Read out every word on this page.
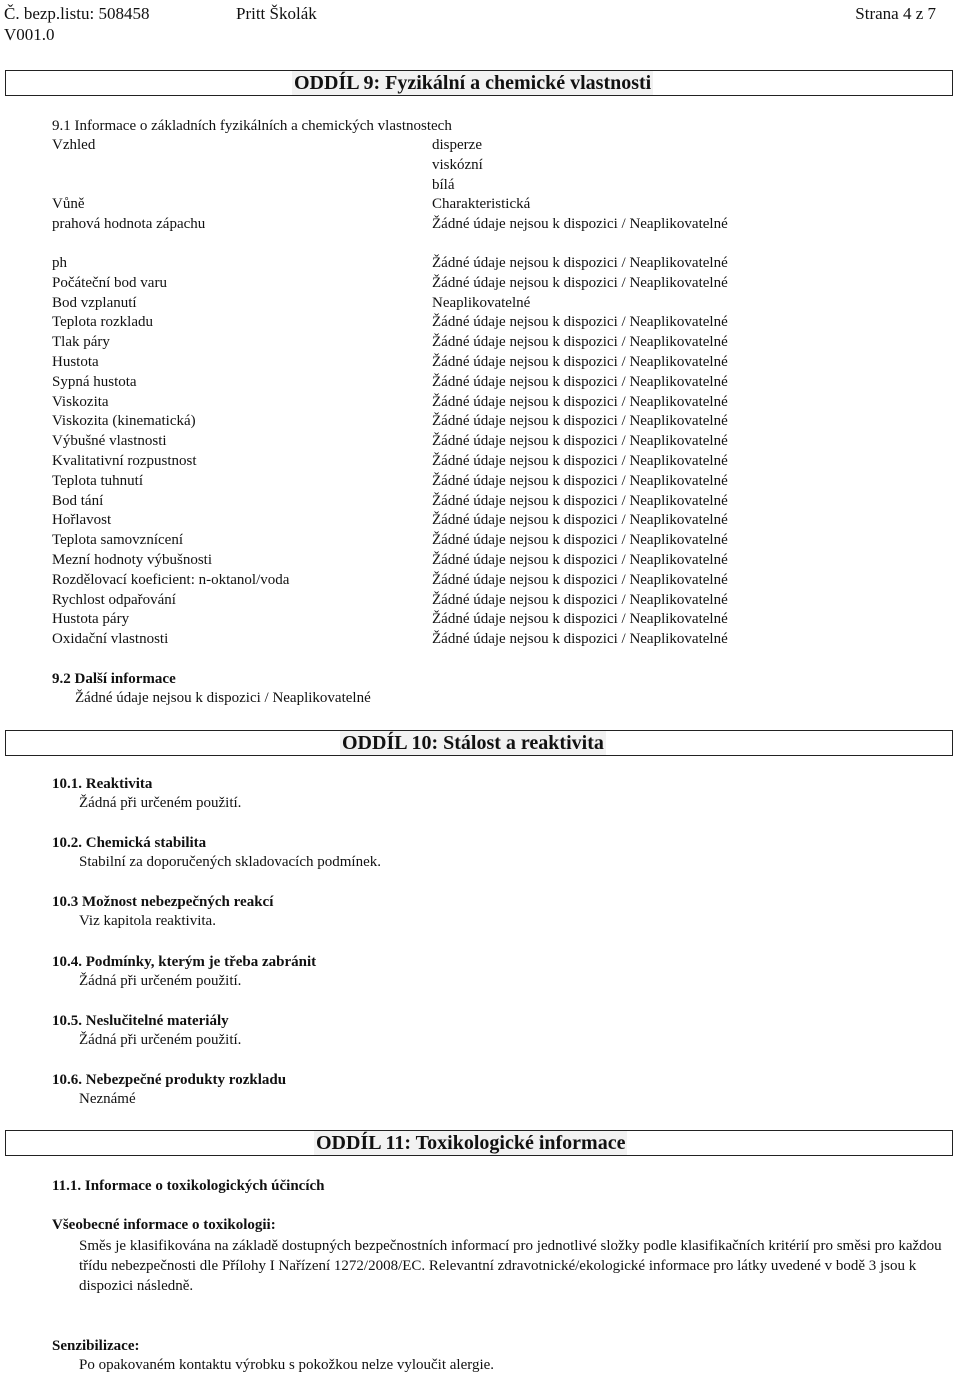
Č. bezp.listu: 508458
V001.0
Pritt Školák	Strana 4 z 7
ODDÍL 9: Fyzikální a chemické vlastnosti
9.1 Informace o základních fyzikálních a chemických vlastnostech
Vzhled	disperze
viskózní
bílá
Vůně	Charakteristická
prahová hodnota zápachu	Žádné údaje nejsou k dispozici / Neaplikovatelné
ph	Žádné údaje nejsou k dispozici / Neaplikovatelné
Počáteční bod varu	Žádné údaje nejsou k dispozici / Neaplikovatelné
Bod vzplanutí	Neaplikovatelné
Teplota rozkladu	Žádné údaje nejsou k dispozici / Neaplikovatelné
Tlak páry	Žádné údaje nejsou k dispozici / Neaplikovatelné
Hustota	Žádné údaje nejsou k dispozici / Neaplikovatelné
Sypná hustota	Žádné údaje nejsou k dispozici / Neaplikovatelné
Viskozita	Žádné údaje nejsou k dispozici / Neaplikovatelné
Viskozita (kinematická)	Žádné údaje nejsou k dispozici / Neaplikovatelné
Výbušné vlastnosti	Žádné údaje nejsou k dispozici / Neaplikovatelné
Kvalitativní rozpustnost	Žádné údaje nejsou k dispozici / Neaplikovatelné
Teplota tuhnutí	Žádné údaje nejsou k dispozici / Neaplikovatelné
Bod tání	Žádné údaje nejsou k dispozici / Neaplikovatelné
Hořlavost	Žádné údaje nejsou k dispozici / Neaplikovatelné
Teplota samovznícení	Žádné údaje nejsou k dispozici / Neaplikovatelné
Mezní hodnoty výbušnosti	Žádné údaje nejsou k dispozici / Neaplikovatelné
Rozdělovací koeficient: n-oktanol/voda	Žádné údaje nejsou k dispozici / Neaplikovatelné
Rychlost odpařování	Žádné údaje nejsou k dispozici / Neaplikovatelné
Hustota páry	Žádné údaje nejsou k dispozici / Neaplikovatelné
Oxidační vlastnosti	Žádné údaje nejsou k dispozici / Neaplikovatelné
9.2 Další informace
Žádné údaje nejsou k dispozici / Neaplikovatelné
ODDÍL 10: Stálost a reaktivita
10.1. Reaktivita
Žádná při určeném použití.
10.2. Chemická stabilita
Stabilní za doporučených skladovacích podmínek.
10.3 Možnost nebezpečných reakcí
Viz kapitola reaktivita.
10.4. Podmínky, kterým je třeba zabránit
Žádná při určeném použití.
10.5. Neslučitelné materiály
Žádná při určeném použití.
10.6. Nebezpečné produkty rozkladu
Neznámé
ODDÍL 11: Toxikologické informace
11.1. Informace o toxikologických účincích
Všeobecné informace o toxikologii:
Směs je klasifikována na základě dostupných bezpečnostních informací pro jednotlivé složky podle klasifikačních kritérií pro směsi pro každou třídu nebezpečnosti dle Přílohy I Nařízení 1272/2008/EC. Relevantní zdravotnické/ekologické informace pro látky uvedené v bodě 3 jsou k dispozici následně.
Senzibilizace:
Po opakovaném kontaktu výrobku s pokožkou nelze vyloučit alergie.
